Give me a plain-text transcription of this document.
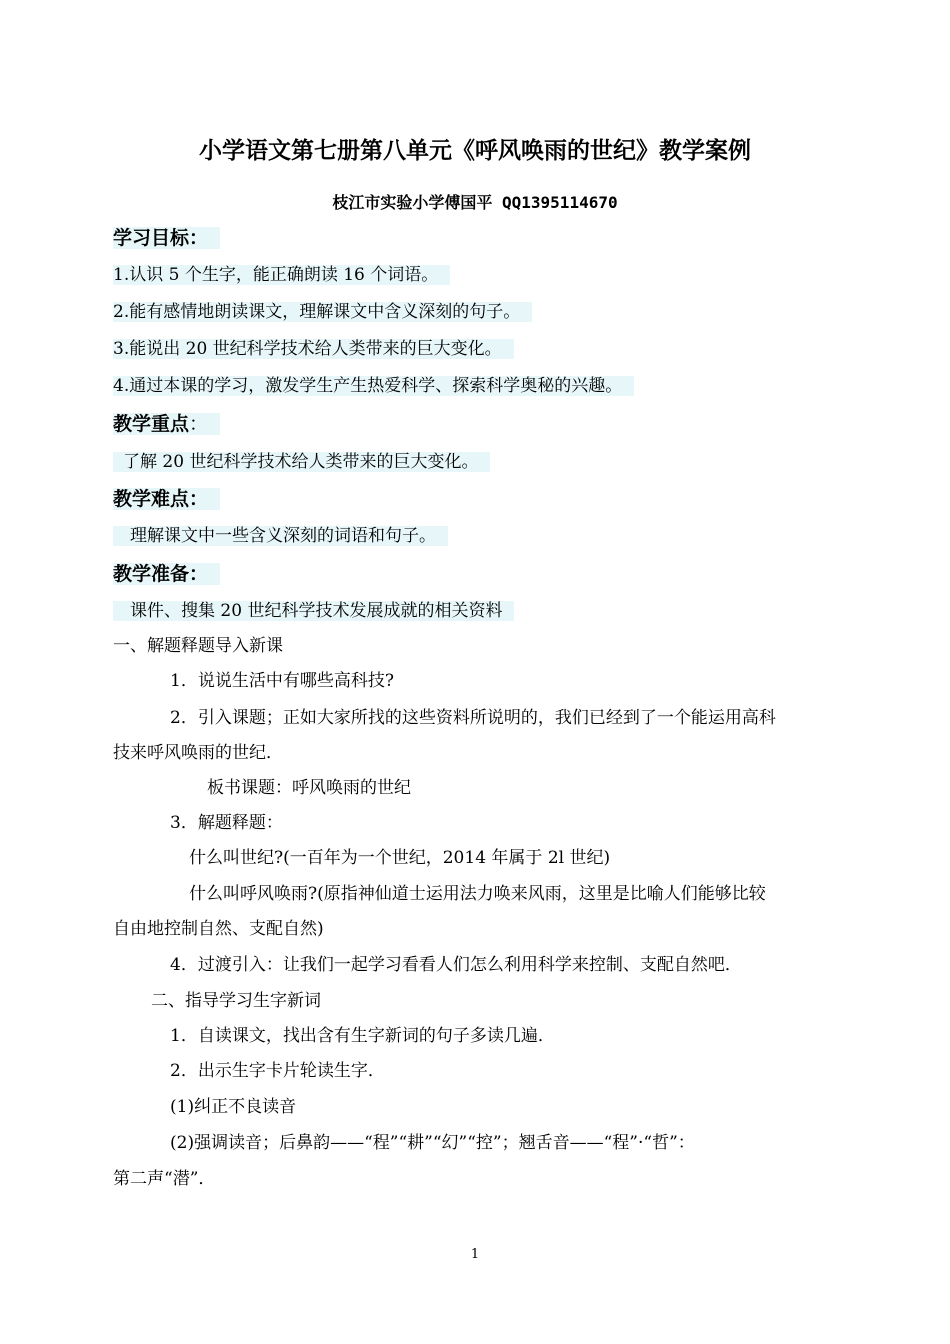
小学语文第七册第八单元《呼风唤雨的世纪》教学案例
枝江市实验小学傅国平 QQ1395114670
学习目标：
1.认识 5 个生字，能正确朗读 16 个词语。
2.能有感情地朗读课文，理解课文中含义深刻的句子。
3.能说出 20 世纪科学技术给人类带来的巨大变化。
4.通过本课的学习，激发学生产生热爱科学、探索科学奥秘的兴趣。
教学重点：
了解 20 世纪科学技术给人类带来的巨大变化。
教学难点：
理解课文中一些含义深刻的词语和句子。
教学准备：
课件、搜集 20 世纪科学技术发展成就的相关资料
一、解题释题导入新课
1．说说生活中有哪些高科技?
2．引入课题；正如大家所找的这些资料所说明的，我们已经到了一个能运用高科
技来呼风唤雨的世纪．
板书课题：呼风唤雨的世纪
3．解题释题：
什么叫世纪?(一百年为一个世纪，2014 年属于 2l 世纪)
什么叫呼风唤雨?(原指神仙道士运用法力唤来风雨，这里是比喻人们能够比较
自由地控制自然、支配自然)
4．过渡引入：让我们一起学习看看人们怎么利用科学来控制、支配自然吧．
二、指导学习生字新词
1．自读课文，找出含有生字新词的句子多读几遍．
2．出示生字卡片轮读生字．
(1)纠正不良读音
(2)强调读音；后鼻韵——“程”“耕”“幻”“控”；翘舌音——“程”·“哲”：
第二声“潜”．
1
